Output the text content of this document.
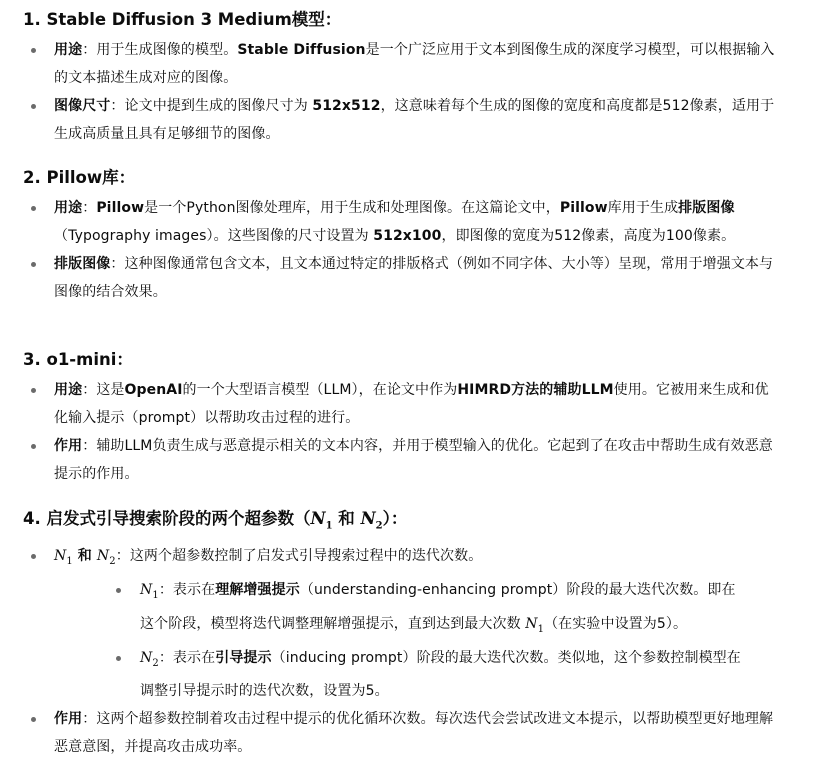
1. Stable Diffusion 3 Medium模型：
用途：用于生成图像的模型。Stable Diffusion是一个广泛应用于文本到图像生成的深度学习模型，可以根据输入的文本描述生成对应的图像。
图像尺寸：论文中提到生成的图像尺寸为 512x512，这意味着每个生成的图像的宽度和高度都是512像素，适用于生成高质量且具有足够细节的图像。
2. Pillow库：
用途：Pillow是一个Python图像处理库，用于生成和处理图像。在这篇论文中，Pillow库用于生成排版图像（Typography images）。这些图像的尺寸设置为 512x100，即图像的宽度为512像素，高度为100像素。
排版图像：这种图像通常包含文本，且文本通过特定的排版格式（例如不同字体、大小等）呈现，常用于增强文本与图像的结合效果。
3. o1-mini：
用途：这是OpenAI的一个大型语言模型（LLM），在论文中作为HIMRD方法的辅助LLM使用。它被用来生成和优化输入提示（prompt）以帮助攻击过程的进行。
作用：辅助LLM负责生成与恶意提示相关的文本内容，并用于模型输入的优化。它起到了在攻击中帮助生成有效恶意提示的作用。
4. 启发式引导搜索阶段的两个超参数（$N_1$ 和 $N_2$）：
$N_1$ 和 $N_2$：这两个超参数控制了启发式引导搜索过程中的迭代次数。
$N_1$：表示在理解增强提示（understanding-enhancing prompt）阶段的最大迭代次数。即在这个阶段，模型将迭代调整理解增强提示，直到达到最大次数 $N_1$（在实验中设置为5）。
$N_2$：表示在引导提示（inducing prompt）阶段的最大迭代次数。类似地，这个参数控制模型在调整引导提示时的迭代次数，设置为5。
作用：这两个超参数控制着攻击过程中提示的优化循环次数。每次迭代会尝试改进文本提示，以帮助模型更好地理解恶意意图，并提高攻击成功率。
